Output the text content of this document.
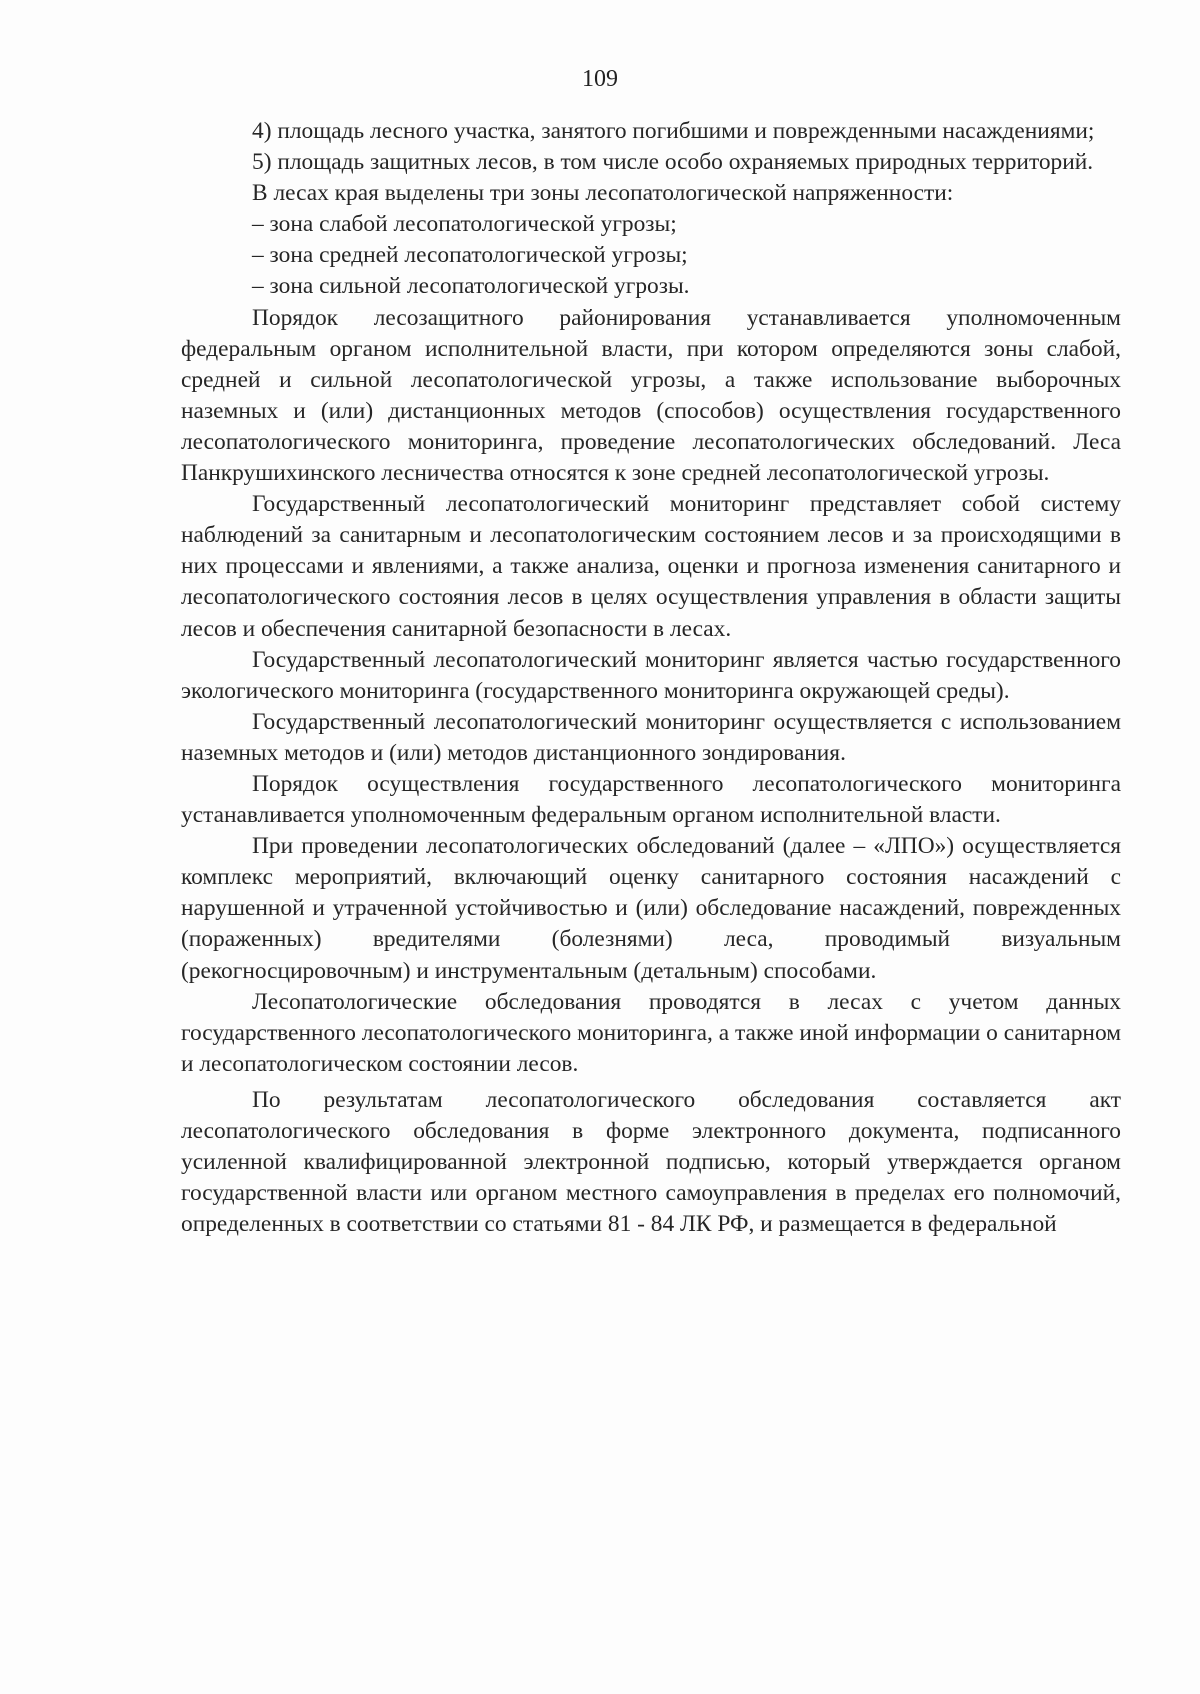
109

4) площадь лесного участка, занятого погибшими и поврежденными насаждениями;

5) площадь защитных лесов, в том числе особо охраняемых природных территорий.

В лесах края выделены три зоны лесопатологической напряженности:

– зона слабой лесопатологической угрозы;

– зона средней лесопатологической угрозы;

– зона сильной лесопатологической угрозы.

Порядок лесозащитного районирования устанавливается уполномоченным федеральным органом исполнительной власти, при котором определяются зоны слабой, средней и сильной лесопатологической угрозы, а также использование выборочных наземных и (или) дистанционных методов (способов) осуществления государственного лесопатологического мониторинга, проведение лесопатологических обследований. Леса Панкрушихинского лесничества относятся к зоне средней лесопатологической угрозы.

Государственный лесопатологический мониторинг представляет собой систему наблюдений за санитарным и лесопатологическим состоянием лесов и за происходящими в них процессами и явлениями, а также анализа, оценки и прогноза изменения санитарного и лесопатологического состояния лесов в целях осуществления управления в области защиты лесов и обеспечения санитарной безопасности в лесах.

Государственный лесопатологический мониторинг является частью государственного экологического мониторинга (государственного мониторинга окружающей среды).

Государственный лесопатологический мониторинг осуществляется с использованием наземных методов и (или) методов дистанционного зондирования.

Порядок осуществления государственного лесопатологического мониторинга устанавливается уполномоченным федеральным органом исполнительной власти.

При проведении лесопатологических обследований (далее – «ЛПО») осуществляется комплекс мероприятий, включающий оценку санитарного состояния насаждений с нарушенной и утраченной устойчивостью и (или) обследование насаждений, поврежденных (пораженных) вредителями (болезнями) леса, проводимый визуальным (рекогносцировочным) и инструментальным (детальным) способами.

Лесопатологические обследования проводятся в лесах с учетом данных государственного лесопатологического мониторинга, а также иной информации о санитарном и лесопатологическом состоянии лесов.

По результатам лесопатологического обследования составляется акт лесопатологического обследования в форме электронного документа, подписанного усиленной квалифицированной электронной подписью, который утверждается органом государственной власти или органом местного самоуправления в пределах его полномочий, определенных в соответствии со статьями 81 - 84 ЛК РФ, и размещается в федеральной
